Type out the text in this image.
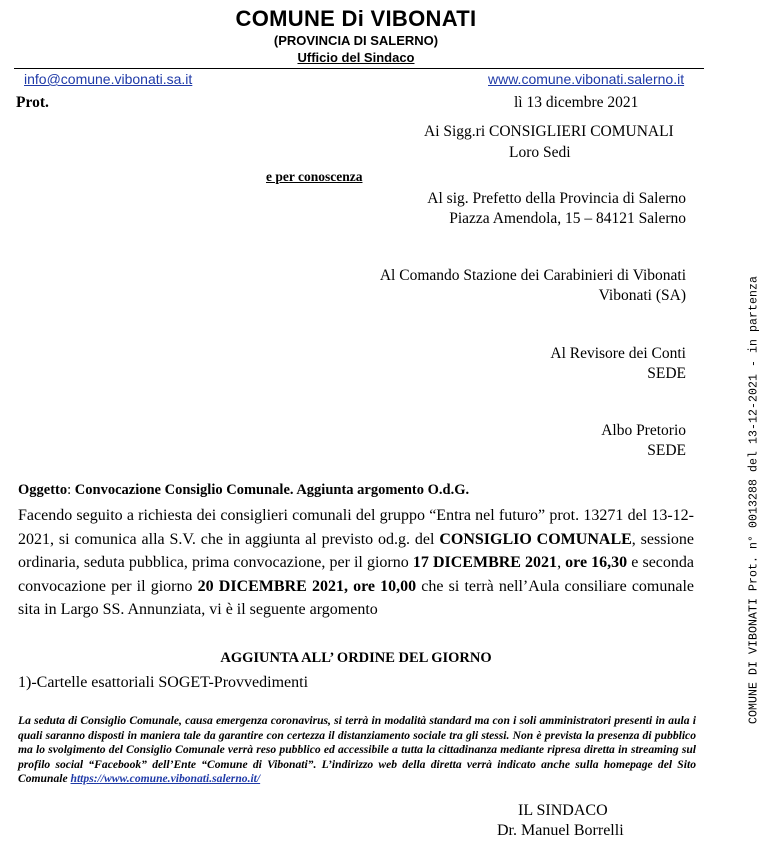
COMUNE Di VIBONATI
(PROVINCIA DI SALERNO)
Ufficio del Sindaco
info@comune.vibonati.sa.it	www.comune.vibonati.salerno.it
Prot.	lì 13 dicembre 2021
Ai Sigg.ri CONSIGLIERI COMUNALI
Loro Sedi
e per conoscenza
Al sig. Prefetto della Provincia di Salerno
Piazza Amendola, 15 – 84121 Salerno
Al Comando Stazione dei Carabinieri di Vibonati
Vibonati (SA)
Al Revisore dei Conti
SEDE
Albo Pretorio
SEDE
Oggetto: Convocazione Consiglio Comunale. Aggiunta argomento O.d.G.
Facendo seguito a richiesta dei consiglieri comunali del gruppo “Entra nel futuro” prot. 13271 del 13-12-2021, si comunica alla S.V. che in aggiunta al previsto od.g. del CONSIGLIO COMUNALE, sessione ordinaria, seduta pubblica, prima convocazione, per il giorno 17 DICEMBRE 2021, ore 16,30 e seconda convocazione per il giorno 20 DICEMBRE 2021, ore 10,00 che si terrà nell’Aula consiliare comunale sita in Largo SS. Annunziata, vi è il seguente argomento
AGGIUNTA ALL’ ORDINE DEL GIORNO
1)-Cartelle esattoriali SOGET-Provvedimenti
La seduta di Consiglio Comunale, causa emergenza coronavirus, si terrà in modalità standard ma con i soli amministratori presenti in aula i quali saranno disposti in maniera tale da garantire con certezza il distanziamento sociale tra gli stessi. Non è prevista la presenza di pubblico ma lo svolgimento del Consiglio Comunale verrà reso pubblico ed accessibile a tutta la cittadinanza mediante ripresa diretta in streaming sul profilo social “Facebook” dell’Ente “Comune di Vibonati”. L’indirizzo web della diretta verrà indicato anche sulla homepage del Sito Comunale https://www.comune.vibonati.salerno.it/
IL SINDACO
Dr. Manuel Borrelli
COMUNE DI VIBONATI Prot. n° 0013288 del 13-12-2021 - in partenza
